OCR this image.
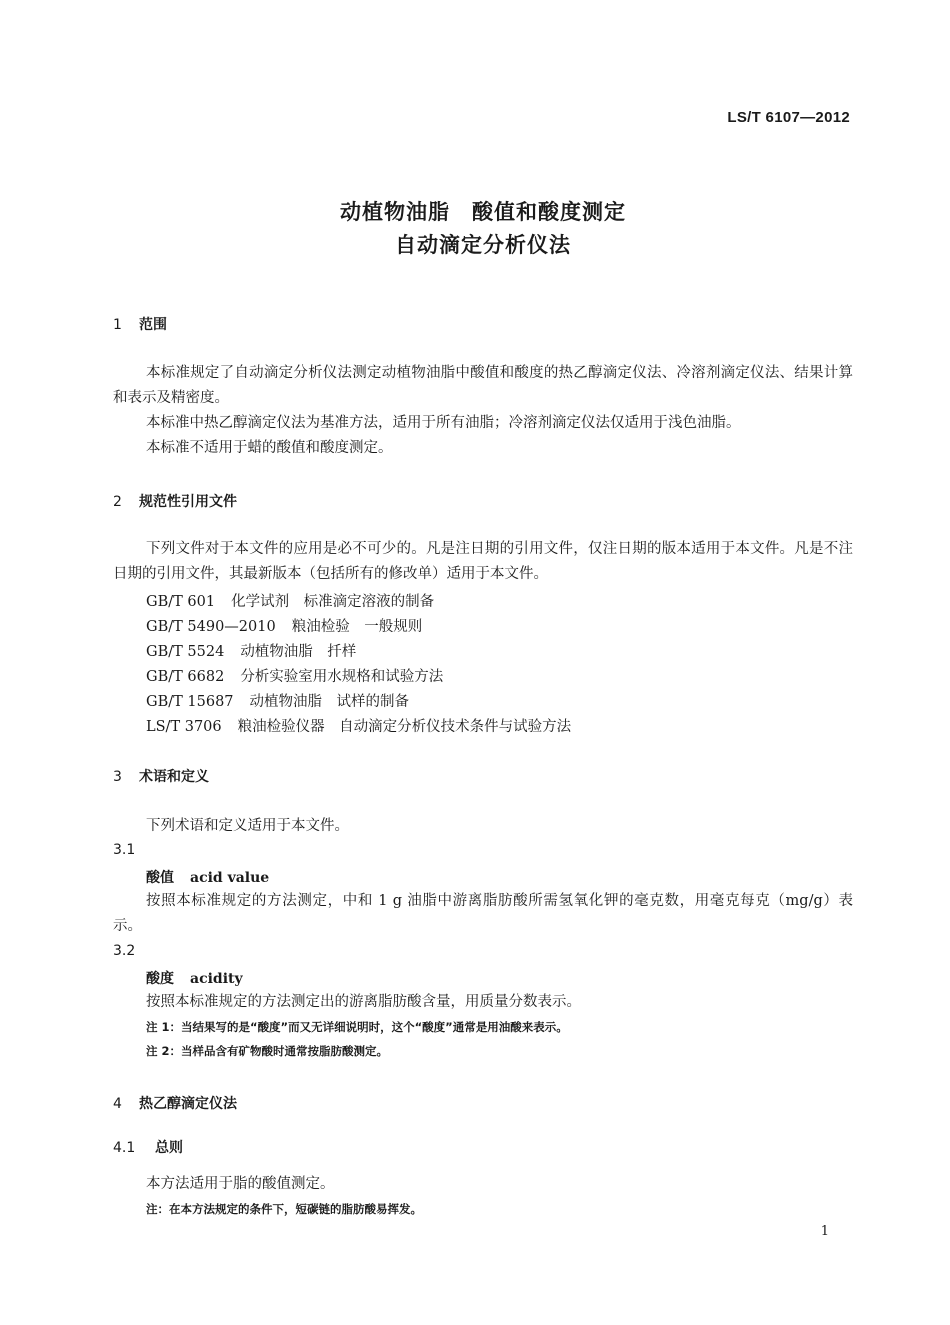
LS/T 6107—2012
动植物油脂 酸值和酸度测定
自动滴定分析仪法
1 范围
本标准规定了自动滴定分析仪法测定动植物油脂中酸值和酸度的热乙醇滴定仪法、冷溶剂滴定仪法、结果计算和表示及精密度。
本标准中热乙醇滴定仪法为基准方法，适用于所有油脂；冷溶剂滴定仪法仅适用于浅色油脂。
本标准不适用于蜡的酸值和酸度测定。
2 规范性引用文件
下列文件对于本文件的应用是必不可少的。凡是注日期的引用文件，仅注日期的版本适用于本文件。凡是不注日期的引用文件，其最新版本（包括所有的修改单）适用于本文件。
GB/T 601 化学试剂　标准滴定溶液的制备
GB/T 5490—2010 粮油检验　一般规则
GB/T 5524 动植物油脂　扦样
GB/T 6682 分析实验室用水规格和试验方法
GB/T 15687 动植物油脂　试样的制备
LS/T 3706 粮油检验仪器　自动滴定分析仪技术条件与试验方法
3 术语和定义
下列术语和定义适用于本文件。
3.1
酸值 acid value
按照本标准规定的方法测定，中和 1 g 油脂中游离脂肪酸所需氢氧化钾的毫克数，用毫克每克（mg/g）表示。
3.2
酸度 acidity
按照本标准规定的方法测定出的游离脂肪酸含量，用质量分数表示。
注 1：当结果写的是“酸度”而又无详细说明时，这个“酸度”通常是用油酸来表示。
注 2：当样品含有矿物酸时通常按脂肪酸测定。
4 热乙醇滴定仪法
4.1 总则
本方法适用于脂的酸值测定。
注：在本方法规定的条件下，短碳链的脂肪酸易挥发。
1
